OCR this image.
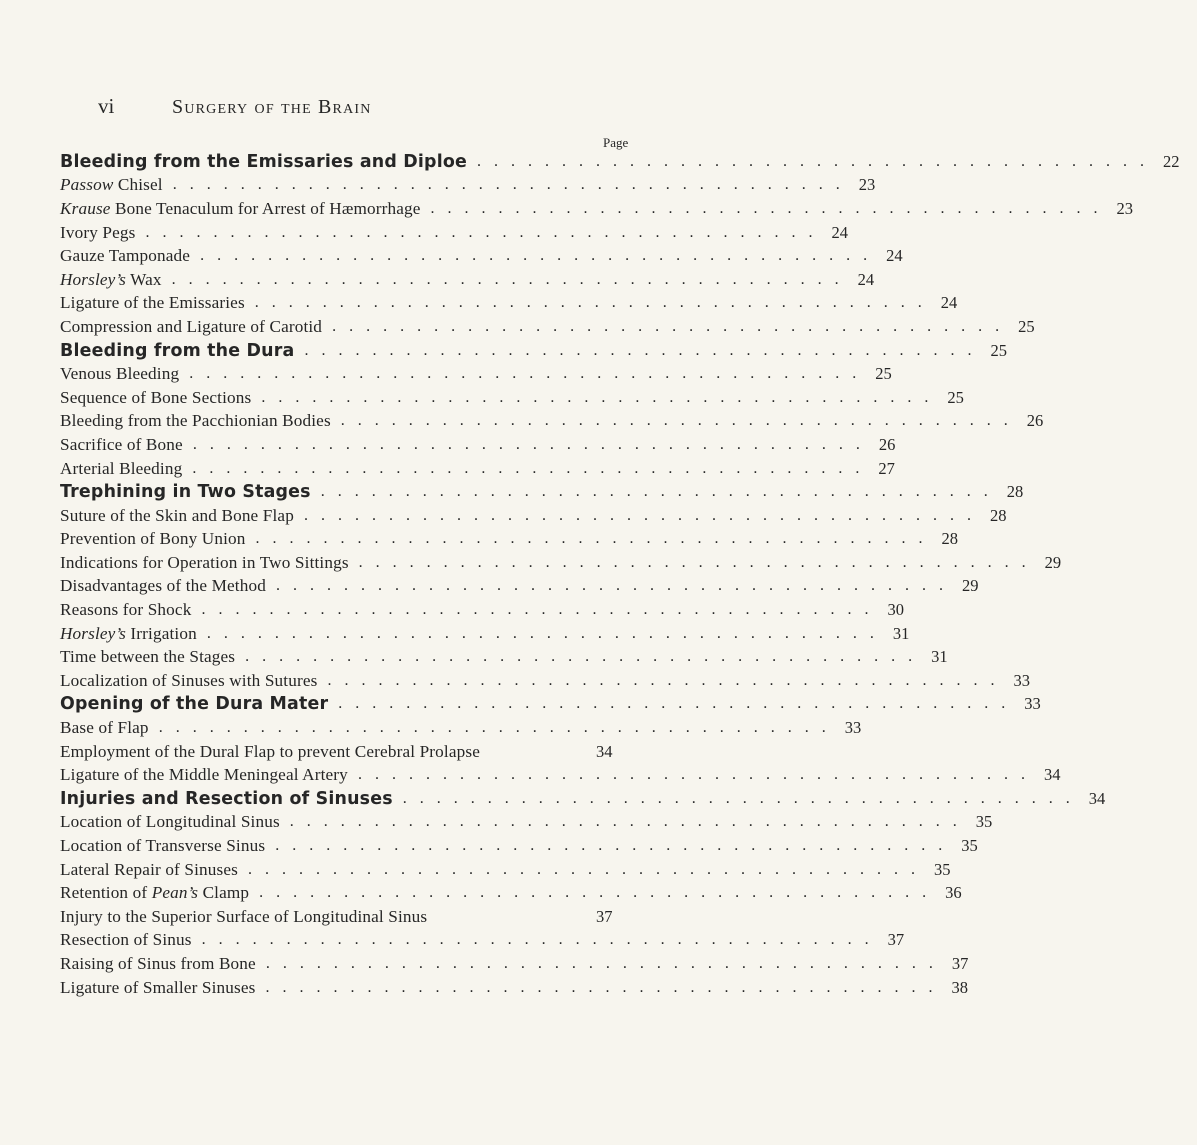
vi	Surgery of the Brain
Page
Bleeding from the Emissaries and Diploe ........................................ 22
Passow Chisel ........................................ 23
Krause Bone Tenaculum for Arrest of Hæmorrhage ........................................ 23
Ivory Pegs ........................................ 24
Gauze Tamponade ........................................ 24
Horsley’s Wax ........................................ 24
Ligature of the Emissaries ........................................ 24
Compression and Ligature of Carotid ........................................ 25
Bleeding from the Dura ........................................ 25
Venous Bleeding ........................................ 25
Sequence of Bone Sections ........................................ 25
Bleeding from the Pacchionian Bodies ........................................ 26
Sacrifice of Bone ........................................ 26
Arterial Bleeding ........................................ 27
Trephining in Two Stages ........................................ 28
Suture of the Skin and Bone Flap ........................................ 28
Prevention of Bony Union ........................................ 28
Indications for Operation in Two Sittings ........................................ 29
Disadvantages of the Method ........................................ 29
Reasons for Shock ........................................ 30
Horsley’s Irrigation ........................................ 31
Time between the Stages ........................................ 31
Localization of Sinuses with Sutures ........................................ 33
Opening of the Dura Mater ........................................ 33
Base of Flap ........................................ 33
Employment of the Dural Flap to prevent Cerebral Prolapse	34
Ligature of the Middle Meningeal Artery ........................................ 34
Injuries and Resection of Sinuses ........................................ 34
Location of Longitudinal Sinus ........................................ 35
Location of Transverse Sinus ........................................ 35
Lateral Repair of Sinuses ........................................ 35
Retention of Pean’s Clamp ........................................ 36
Injury to the Superior Surface of Longitudinal Sinus	37
Resection of Sinus ........................................ 37
Raising of Sinus from Bone ........................................ 37
Ligature of Smaller Sinuses ........................................ 38
